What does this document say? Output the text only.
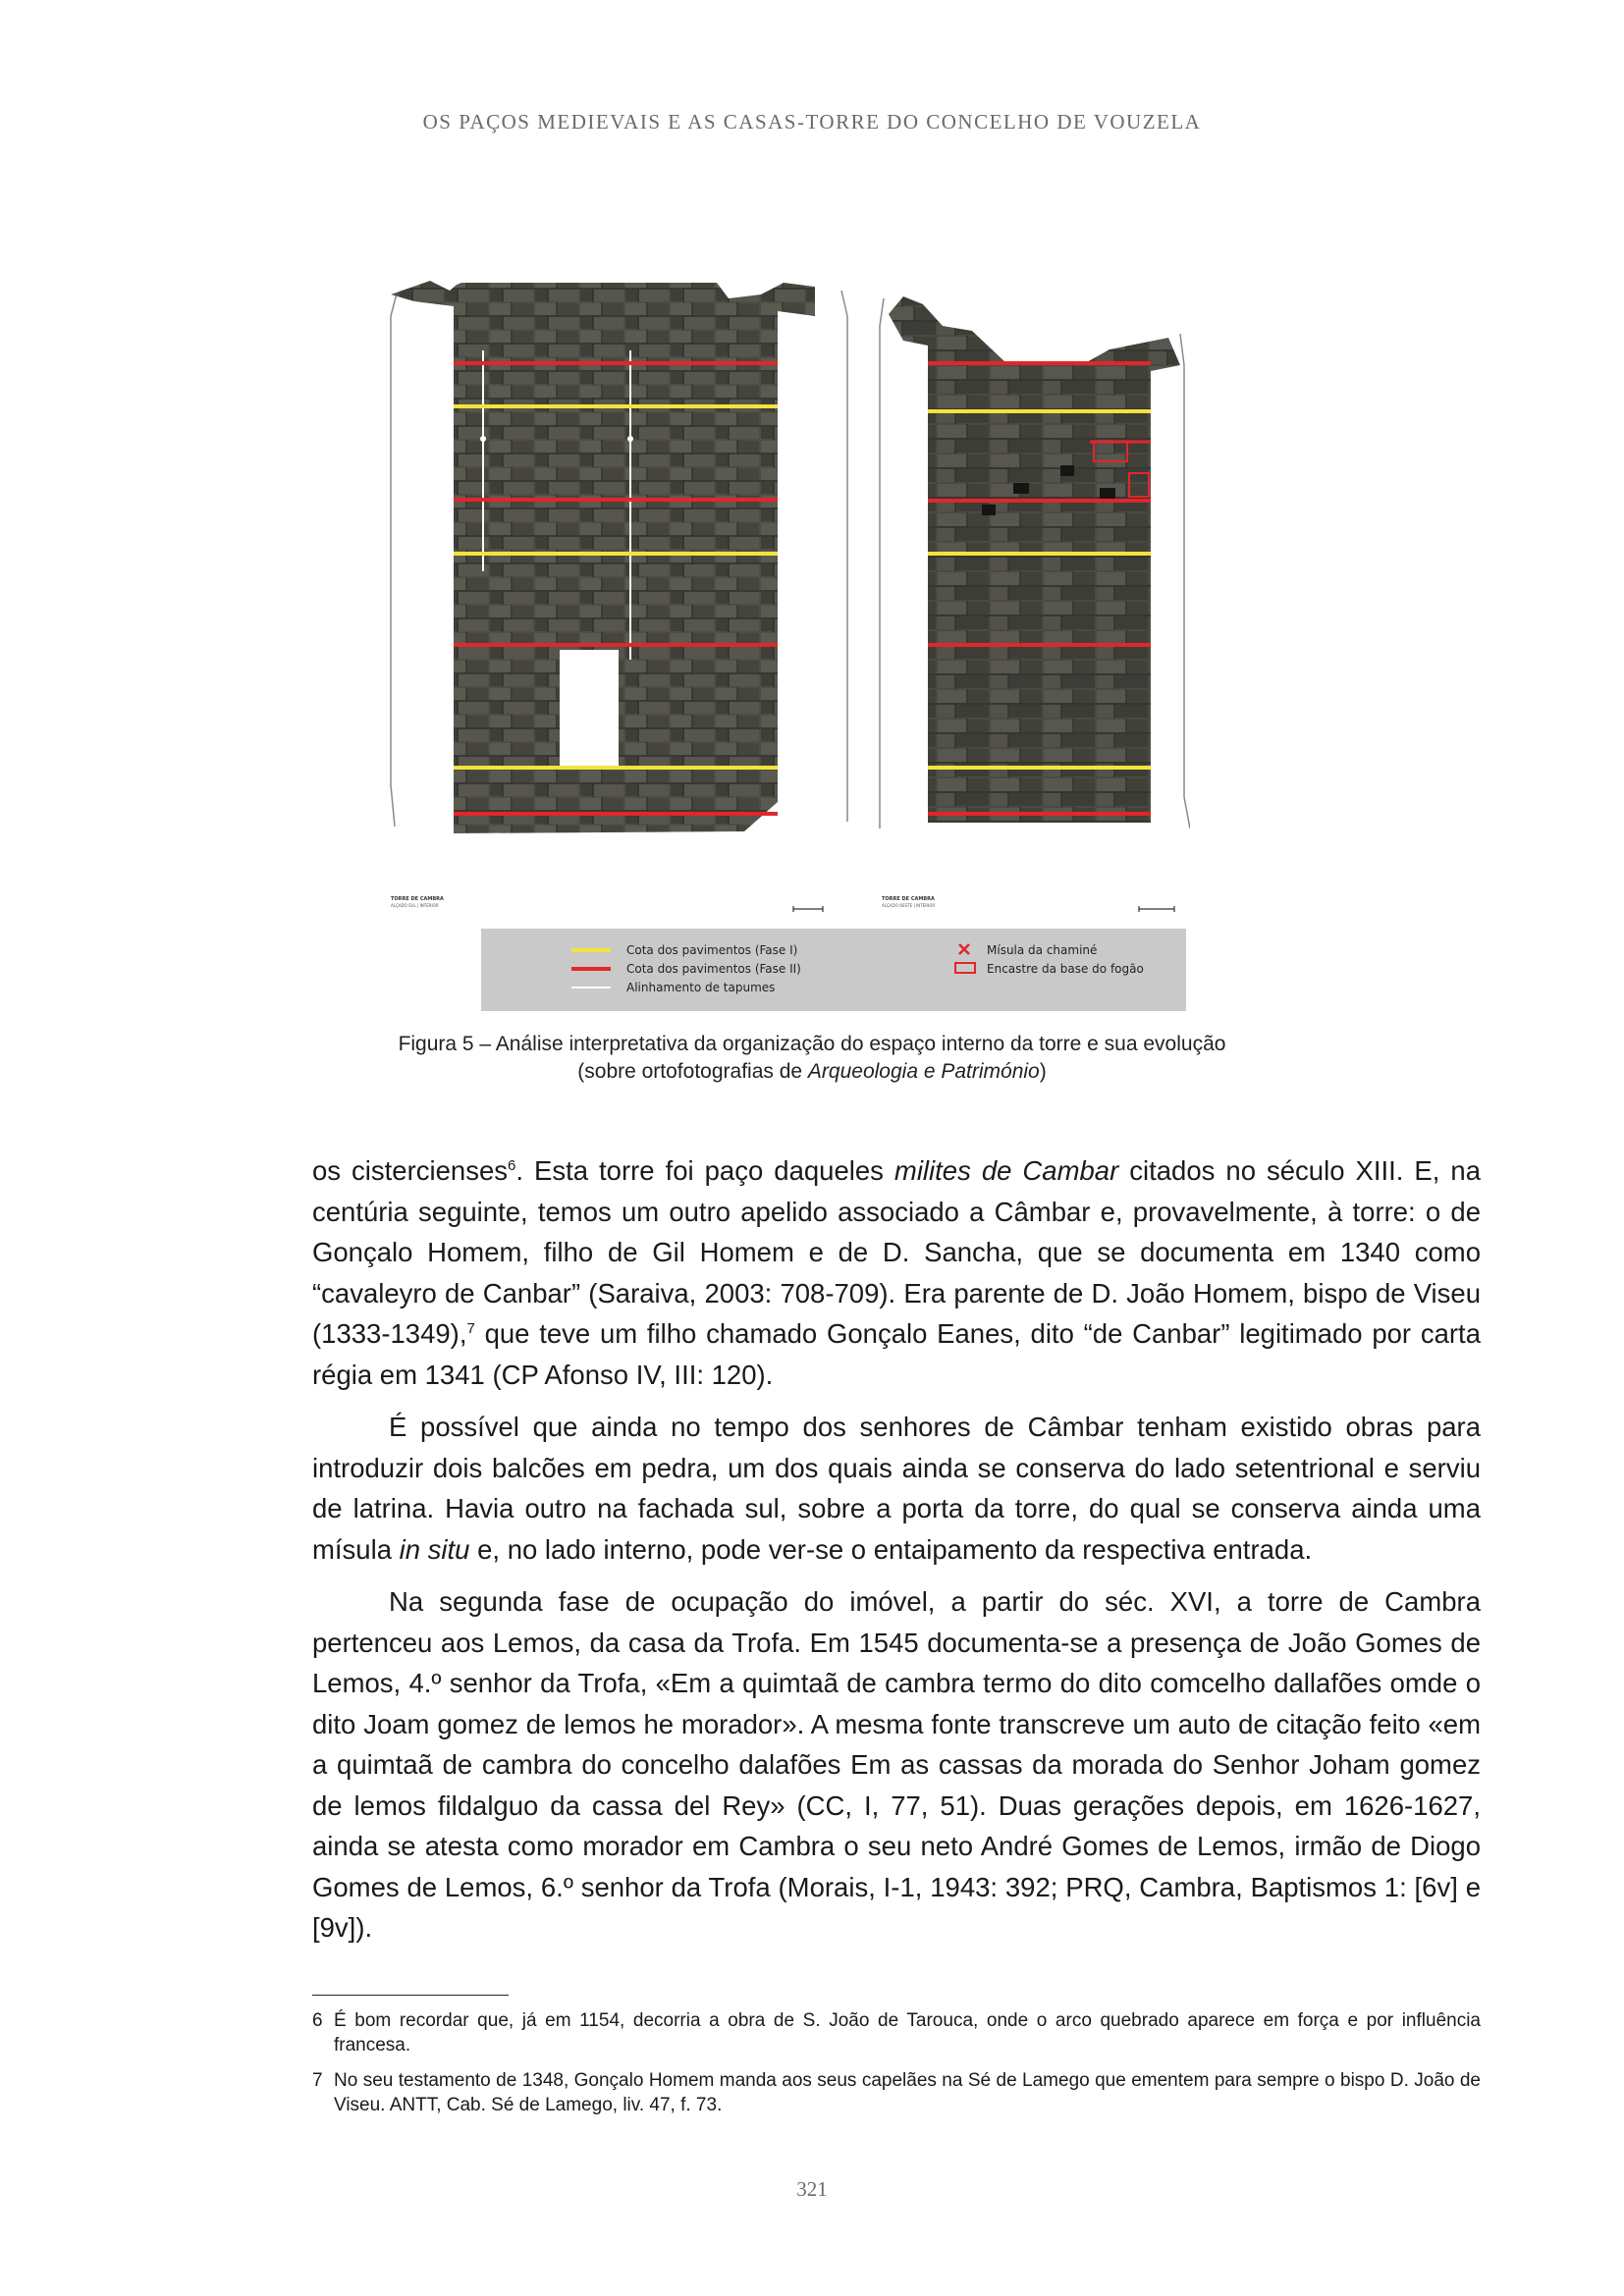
OS PAÇOS MEDIEVAIS E AS CASAS-TORRE DO CONCELHO DE VOUZELA
TORRE DE CAMBRA
ALÇADO SUL | INTERIOR
TORRE DE CAMBRA
ALÇADO OESTE | INTERIOR
Cota dos pavimentos (Fase I)
Cota dos pavimentos (Fase II)
Alinhamento de tapumes
Mísula da chaminé
Encastre da base do fogão
Figura 5 – Análise interpretativa da organização do espaço interno da torre e sua evolução
(sobre ortofotografias de Arqueologia e Património)

os cistercienses$^6$. Esta torre foi paço daqueles milites de Cambar citados no século XIII. E, na centúria seguinte, temos um outro apelido associado a Câmbar e, provavelmente, à torre: o de Gonçalo Homem, filho de Gil Homem e de D. Sancha, que se documenta em 1340 como “cavaleyro de Canbar” (Saraiva, 2003: 708-709). Era parente de D. João Homem, bispo de Viseu (1333-1349),$^7$ que teve um filho chamado Gonçalo Eanes, dito “de Canbar” legitimado por carta régia em 1341 (CP Afonso IV, III: 120).

É possível que ainda no tempo dos senhores de Câmbar tenham existido obras para introduzir dois balcões em pedra, um dos quais ainda se conserva do lado setentrional e serviu de latrina. Havia outro na fachada sul, sobre a porta da torre, do qual se conserva ainda uma mísula in situ e, no lado interno, pode ver-se o entaipamento da respectiva entrada.

Na segunda fase de ocupação do imóvel, a partir do séc. XVI, a torre de Cambra pertenceu aos Lemos, da casa da Trofa. Em 1545 documenta-se a presença de João Gomes de Lemos, 4.º senhor da Trofa, «Em a quimtaã de cambra termo do dito comcelho dallafões omde o dito Joam gomez de lemos he morador». A mesma fonte transcreve um auto de citação feito «em a quimtaã de cambra do concelho dalafões Em as cassas da morada do Senhor Joham gomez de lemos fildalguo da cassa del Rey» (CC, I, 77, 51). Duas gerações depois, em 1626-1627, ainda se atesta como morador em Cambra o seu neto André Gomes de Lemos, irmão de Diogo Gomes de Lemos, 6.º senhor da Trofa (Morais, I-1, 1943: 392; PRQ, Cambra, Baptismos 1: [6v] e [9v]).

6 É bom recordar que, já em 1154, decorria a obra de S. João de Tarouca, onde o arco quebrado aparece em força e por influência francesa.
7 No seu testamento de 1348, Gonçalo Homem manda aos seus capelães na Sé de Lamego que ementem para sempre o bispo D. João de Viseu. ANTT, Cab. Sé de Lamego, liv. 47, f. 73.
321
